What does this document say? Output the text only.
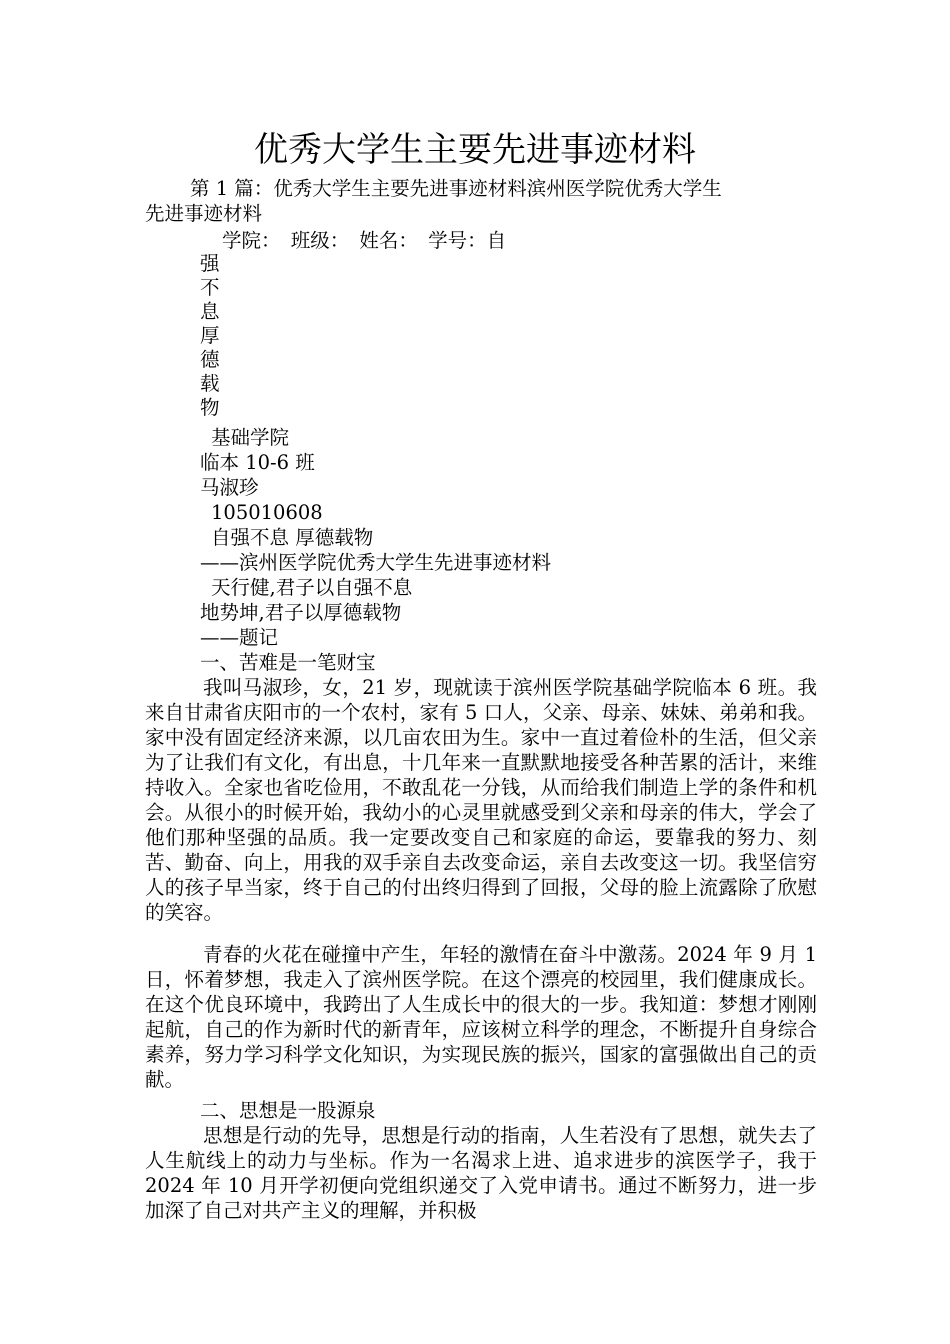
优秀大学生主要先进事迹材料
第 1 篇：优秀大学生主要先进事迹材料滨州医学院优秀大学生
先进事迹材料
学院： 班级： 姓名： 学号：自
强
不
息
厚
德
载
物
基础学院
临本 10-6 班
马淑珍
105010608
自强不息 厚德载物
——滨州医学院优秀大学生先进事迹材料
天行健,君子以自强不息
地势坤,君子以厚德载物
——题记
一、苦难是一笔财宝
我叫马淑珍，女，21 岁，现就读于滨州医学院基础学院临本 6 班。我来自甘肃省庆阳市的一个农村，家有 5 口人，父亲、母亲、妹妹、弟弟和我。家中没有固定经济来源，以几亩农田为生。家中一直过着俭朴的生活，但父亲为了让我们有文化，有出息，十几年来一直默默地接受各种苦累的活计，来维持收入。全家也省吃俭用，不敢乱花一分钱，从而给我们制造上学的条件和机会。从很小的时候开始，我幼小的心灵里就感受到父亲和母亲的伟大，学会了他们那种坚强的品质。我一定要改变自己和家庭的命运，要靠我的努力、刻苦、勤奋、向上，用我的双手亲自去改变命运，亲自去改变这一切。我坚信穷人的孩子早当家，终于自己的付出终归得到了回报，父母的脸上流露除了欣慰的笑容。
青春的火花在碰撞中产生，年轻的激情在奋斗中激荡。2024 年 9 月 1 日，怀着梦想，我走入了滨州医学院。在这个漂亮的校园里，我们健康成长。在这个优良环境中，我跨出了人生成长中的很大的一步。我知道：梦想才刚刚起航，自己的作为新时代的新青年，应该树立科学的理念，不断提升自身综合素养，努力学习科学文化知识，为实现民族的振兴，国家的富强做出自己的贡献。
二、思想是一股源泉
思想是行动的先导，思想是行动的指南，人生若没有了思想，就失去了人生航线上的动力与坐标。作为一名渴求上进、追求进步的滨医学子，我于 2024 年 10 月开学初便向党组织递交了入党申请书。通过不断努力，进一步加深了自己对共产主义的理解，并积极
